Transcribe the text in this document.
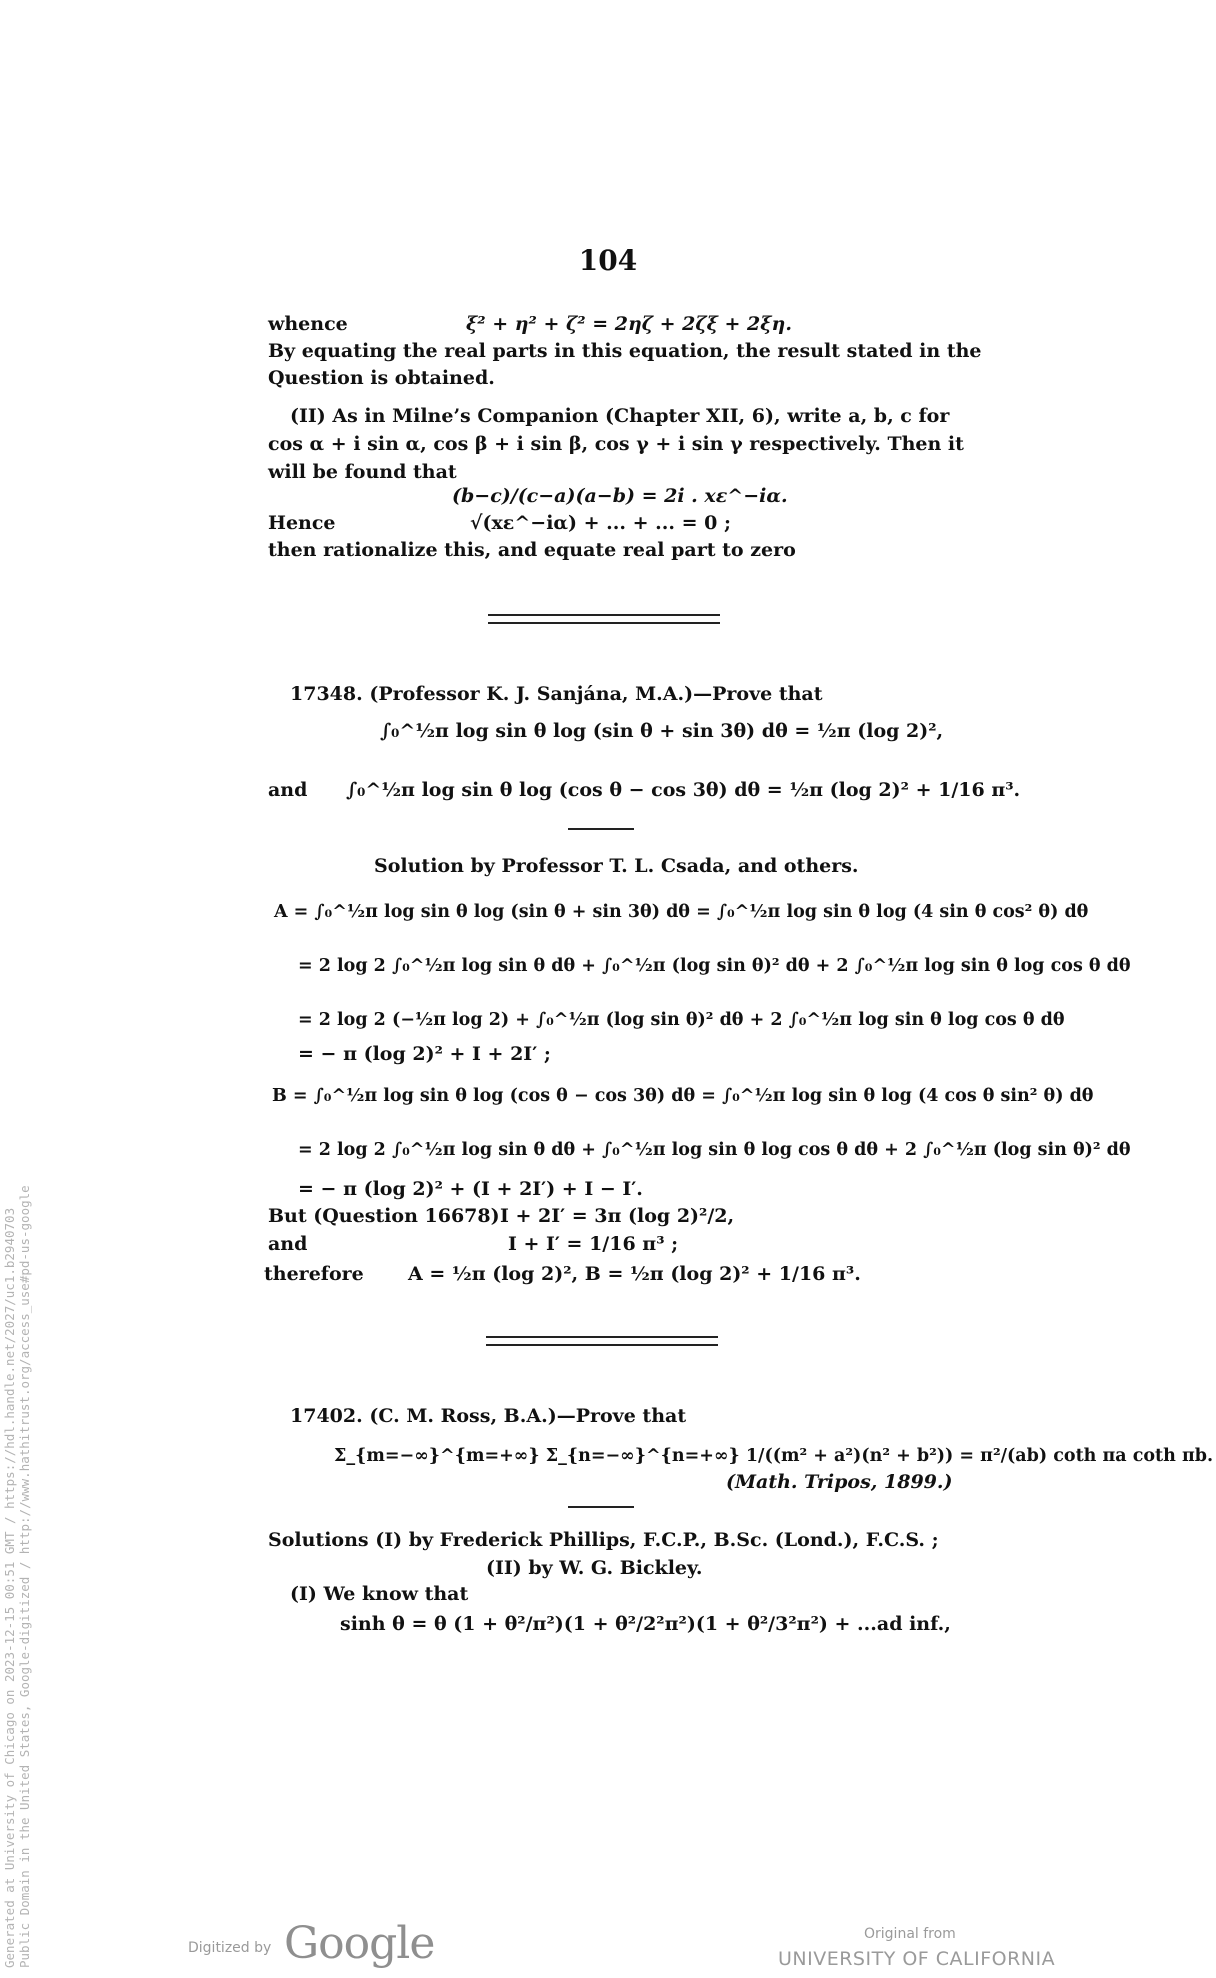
104
whence	ξ² + η² + ζ² = 2ηζ + 2ζξ + 2ξη.
By equating the real parts in this equation, the result stated in the
Question is obtained.
(II) As in Milne’s Companion (Chapter XII, 6), write a, b, c for
cos α + i sin α, cos β + i sin β, cos γ + i sin γ respectively. Then it
will be found that
(b−c)/(c−a)(a−b) = 2i . xε^−iα.
Hence	√(xε^−iα) + ... + ... = 0 ;
then rationalize this, and equate real part to zero
17348. (Professor K. J. Sanjána, M.A.)—Prove that
∫₀^½π log sin θ log (sin θ + sin 3θ) dθ = ½π (log 2)²,
and ∫₀^½π log sin θ log (cos θ − cos 3θ) dθ = ½π (log 2)² + 1/16 π³.
Solution by Professor T. L. Csada, and others.
A = ∫₀^½π log sin θ log (sin θ + sin 3θ) dθ = ∫₀^½π log sin θ log (4 sin θ cos² θ) dθ
= 2 log 2 ∫₀^½π log sin θ dθ + ∫₀^½π (log sin θ)² dθ + 2 ∫₀^½π log sin θ log cos θ dθ
= 2 log 2 (−½π log 2) + ∫₀^½π (log sin θ)² dθ + 2 ∫₀^½π log sin θ log cos θ dθ
= − π (log 2)² + I + 2I′ ;
B = ∫₀^½π log sin θ log (cos θ − cos 3θ) dθ = ∫₀^½π log sin θ log (4 cos θ sin² θ) dθ
= 2 log 2 ∫₀^½π log sin θ dθ + ∫₀^½π log sin θ log cos θ dθ + 2 ∫₀^½π (log sin θ)² dθ
= − π (log 2)² + (I + 2I′) + I − I′.
But (Question 16678) I + 2I′ = 3π (log 2)²/2,
and	I + I′ = 1/16 π³ ;
therefore A = ½π (log 2)², B = ½π (log 2)² + 1/16 π³.
17402. (C. M. Ross, B.A.)—Prove that
Σ_{m=−∞}^{m=+∞} Σ_{n=−∞}^{n=+∞} 1/((m² + a²)(n² + b²)) = π²/(ab) coth πa coth πb.
(Math. Tripos, 1899.)
Solutions (I) by Frederick Phillips, F.C.P., B.Sc. (Lond.), F.C.S. ;
(II) by W. G. Bickley.
(I) We know that
sinh θ = θ (1 + θ²/π²)(1 + θ²/2²π²)(1 + θ²/3²π²) + ...ad inf.,
Generated at University of Chicago on 2023-12-15 00:51 GMT / https://hdl.handle.net/2027/uc1.b2940703 Public Domain in the United States, Google-digitized / http://www.hathitrust.org/access_use#pd-us-google	Digitized by Google	Original from
UNIVERSITY OF CALIFORNIA
